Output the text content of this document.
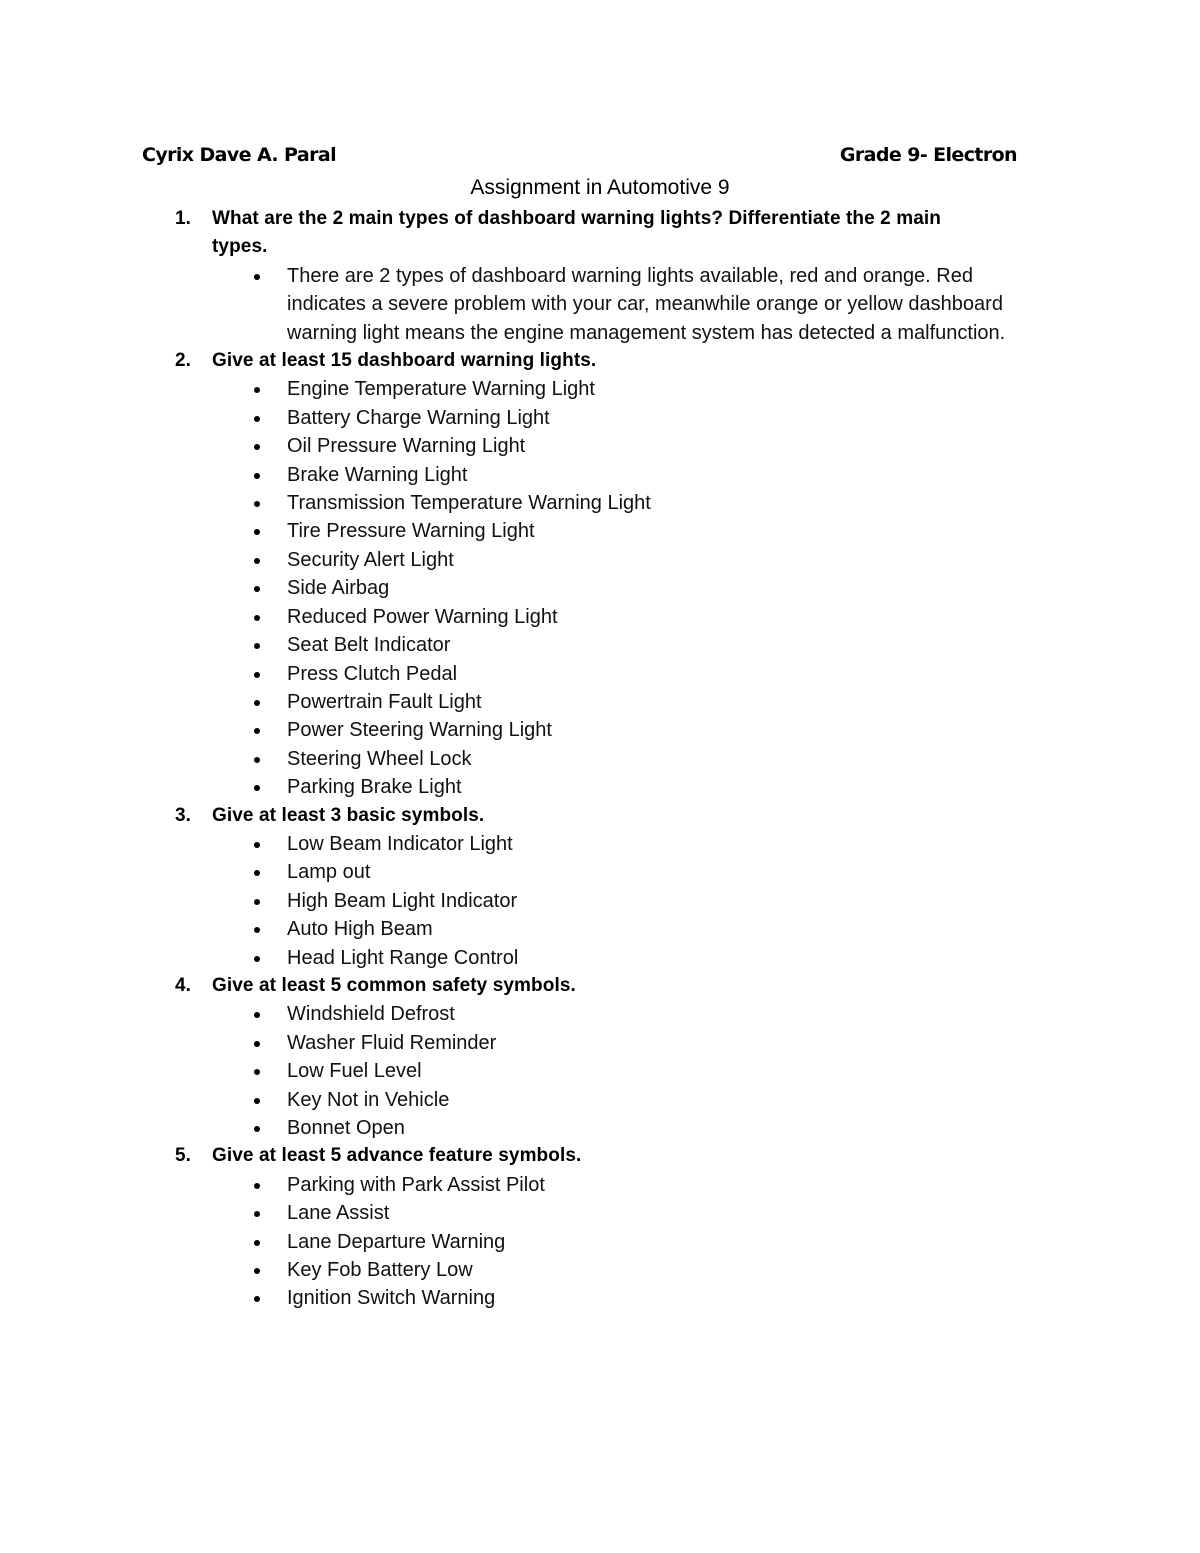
Cyrix Dave A. Paral	Grade 9- Electron
Assignment in Automotive 9
1. What are the 2 main types of dashboard warning lights? Differentiate the 2 main
types.
There are 2 types of dashboard warning lights available, red and orange. Red indicates a severe problem with your car, meanwhile orange or yellow dashboard warning light means the engine management system has detected a malfunction.
2. Give at least 15 dashboard warning lights.
Engine Temperature Warning Light
Battery Charge Warning Light
Oil Pressure Warning Light
Brake Warning Light
Transmission Temperature Warning Light
Tire Pressure Warning Light
Security Alert Light
Side Airbag
Reduced Power Warning Light
Seat Belt Indicator
Press Clutch Pedal
Powertrain Fault Light
Power Steering Warning Light
Steering Wheel Lock
Parking Brake Light
3. Give at least 3 basic symbols.
Low Beam Indicator Light
Lamp out
High Beam Light Indicator
Auto High Beam
Head Light Range Control
4. Give at least 5 common safety symbols.
Windshield Defrost
Washer Fluid Reminder
Low Fuel Level
Key Not in Vehicle
Bonnet Open
5. Give at least 5 advance feature symbols.
Parking with Park Assist Pilot
Lane Assist
Lane Departure Warning
Key Fob Battery Low
Ignition Switch Warning
